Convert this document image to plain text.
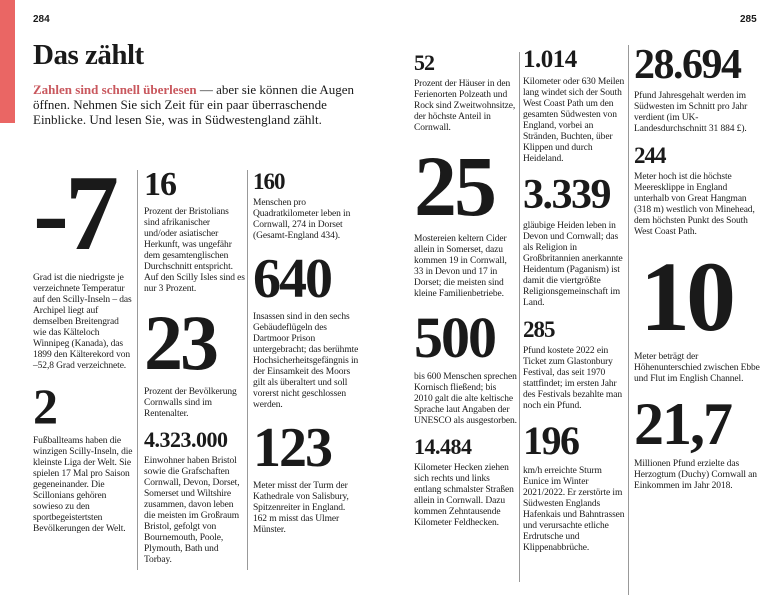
284	285
Das zählt

Zahlen sind schnell überlesen — aber sie können die Augen öffnen. Nehmen Sie sich Zeit für ein paar überraschende Einblicke. Und lesen Sie, was in Südwestengland zählt.

-7
Grad ist die niedrigste je verzeichnete Temperatur auf den Scilly-Inseln – das Archipel liegt auf demselben Breitengrad wie das Kälteloch Winnipeg (Kanada), das 1899 den Kälterekord von –52,8 Grad verzeichnete.
2
Fußballteams haben die winzigen Scilly-Inseln, die kleinste Liga der Welt. Sie spielen 17 Mal pro Saison gegeneinander. Die Scillonians gehören sowieso zu den sportbegeistertsten Bevölkerungen der Welt.
16
Prozent der Bristolians sind afrikanischer und/oder asiatischer Herkunft, was ungefähr dem gesamtenglischen Durchschnitt entspricht. Auf den Scilly Isles sind es nur 3 Prozent.
23
Prozent der Bevölkerung Cornwalls sind im Rentenalter.
4.323.000
Einwohner haben Bristol sowie die Grafschaften Cornwall, Devon, Dorset, Somerset und Wiltshire zusammen, davon leben die meisten im Großraum Bristol, gefolgt von Bournemouth, Poole, Plymouth, Bath und Torbay.
160
Menschen pro Quadratkilometer leben in Cornwall, 274 in Dorset (Gesamt-England 434).
640
Insassen sind in den sechs Gebäudeflügeln des Dartmoor Prison untergebracht; das berühmte Hochsicherheitsgefängnis in der Einsamkeit des Moors gilt als überaltert und soll vorerst nicht geschlossen werden.
123
Meter misst der Turm der Kathedrale von Salisbury, Spitzenreiter in England. 162 m misst das Ulmer Münster.
52
Prozent der Häuser in den Ferienorten Polzeath und Rock sind Zweitwohnsitze, der höchste Anteil in Cornwall.
25
Mostereien keltern Cider allein in Somerset, dazu kommen 19 in Cornwall, 33 in Devon und 17 in Dorset; die meisten sind kleine Familienbetriebe.
500
bis 600 Menschen sprechen Kornisch fließend; bis 2010 galt die alte keltische Sprache laut Angaben der UNESCO als ausgestorben.
14.484
Kilometer Hecken ziehen sich rechts und links entlang schmalster Straßen allein in Cornwall. Dazu kommen Zehntausende Kilometer Feldhecken.
1.014
Kilometer oder 630 Meilen lang windet sich der South West Coast Path um den gesamten Südwesten von England, vorbei an Stränden, Buchten, über Klippen und durch Heideland.
3.339
gläubige Heiden leben in Devon und Cornwall; das als Religion in Großbritannien anerkannte Heidentum (Paganism) ist damit die viertgrößte Religionsgemeinschaft im Land.
285
Pfund kostete 2022 ein Ticket zum Glastonbury Festival, das seit 1970 stattfindet; im ersten Jahr des Festivals bezahlte man noch ein Pfund.
196
km/h erreichte Sturm Eunice im Winter 2021/2022. Er zerstörte im Südwesten Englands Hafenkais und Bahntrassen und verursachte etliche Erdrutsche und Klippenabbrüche.
28.694
Pfund Jahresgehalt werden im Südwesten im Schnitt pro Jahr verdient (im UK-Landesdurchschnitt 31 884 £).
244
Meter hoch ist die höchste Meeresklippe in England unterhalb von Great Hangman (318 m) westlich von Minehead, dem höchsten Punkt des South West Coast Path.
10
Meter beträgt der Höhenunterschied zwischen Ebbe und Flut im English Channel.
21,7
Millionen Pfund erzielte das Herzogtum (Duchy) Cornwall an Einkommen im Jahr 2018.
